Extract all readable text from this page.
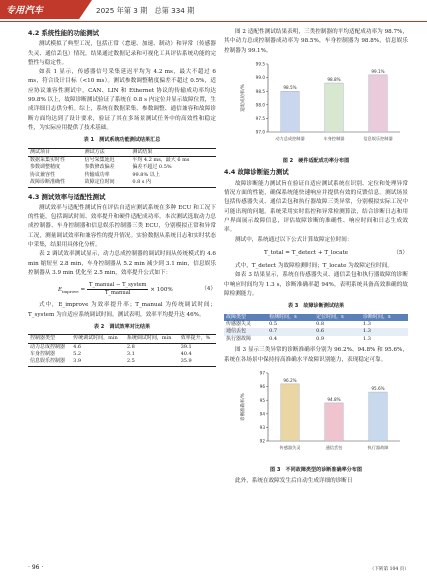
专用汽车	2025 年第 3 期　总第 334 期
4.2 系统性能的功能测试

测试模拟了典型工况，包括正常（怠速、加速、制动）和异常（传感器失灵、通信丢包）情况，结果通过数据记录和可视化工具评估系统功能的完整性与稳定性。

如表 1 显示，传感器信号采集延迟平均为 4.2 ms，最大不超过 6 ms，符合设计目标（<10 ms）。测试参数调整精度偏差不超过 0.5%，适应协议兼容性测试中，CAN、LIN 和 Ethernet 协议的传输成功率均达 99.8% 以上，故障诊断测试验证了系统在 0.8 s 内定位并显示故障位置，生成详细日志供分析。综上，系统在数据采集、参数调整、通信兼容和故障诊断方面均达到了设计要求，验证了其在多场景测试任务中的高效性和稳定性，为实际应用提供了技术基础。

表 1　测试系统功能测试结果汇总
测试项目	测试方法	测试结果
数据采集实时性	信号采集延迟	平均 4.2 ms，最大 6 ms
参数调整精度	参数修改偏差	偏差不超过 0.5%
协议兼容性	传输成功率	99.8% 以上
故障诊断准确性	故障定位时间	0.8 s 内
4.3 测试效率与适配性测试

测试效率与适配性测试旨在评估自适应测试系统在多种 ECU 和工况下的性能，包括调试时间、效率提升和硬件适配成功率。本次测试选取动力总成控制器、车身控制器和信息娱乐控制器三类 ECU，分别模拟正常和异常工况，测量调试效率和兼容性的提升情况。实验数据从系统日志和实时状态中采集，结果用具体化分析。

表 2 调试效率测试显示，动力总成控制器的调试时间从传统模式的 4.6 min 缩短至 2.8 min，车身控制器从 5.2 min 减少到 3.1 min，信息娱乐控制器从 3.9 min 优化至 2.5 min，效率提升公式如下：

$E_{improve} = \frac{\text{T\_manual − T\_system}}{\text{T\_manual}} \times 100\%$	（4）

式中，E_improve 为效率提升率；T_manual 为传统调试时间；T_system 为自适应系统调试时间。测试表明，效率平均提升达 46%。

表 2　调试效率对比结果
控制器类型	传统调试时间，min	系统调试时间，min	效率提升，%
动力总成控制器	4.6	2.8	39.1
车身控制器	5.2	3.1	40.4
信息娱乐控制器	3.9	2.5	35.9

图 2 适配性测试结果表明，三类控制器的平均适配成功率为 98.7%，其中动力总成控制器成功率为 98.5%，车身控制器为 98.8%，信息娱乐控制器为 99.1%。

97.0
97.5
98.0
98.5
99.0
99.5
适配成功率/%	98.5%
动力总成控制器
98.8%
车身控制器
99.1%
信息娱乐控制器
图 2　硬件适配成功率分布图
4.4 故障诊断能力测试

故障诊断能力测试旨在验证自适应测试系统在识别、定位和处理异常情况方面的性能，确保系统能快速响应并提供有效的反馈信息。测试场景包括传感器失灵、通信丢包和执行器故障三类异常，分别模拟实际工况中可能出现的问题。系统采用实时监控和异常检测算法，结合诊断日志和用户界面展示故障信息，评估故障诊断的准确性、响应时间和日志生成效率。

测试中，系统通过以下公式计算故障定位时间：

T_total = T_detect + T_locate	（5）

式中，T_detect 为故障检测时间；T_locate 为故障定位时间。

如表 3 结果显示，系统在传感器失灵、通信丢包和执行器故障的诊断中响应时间均为 1.3 s，诊断准确率超 94%，表明系统具备高效准确的故障检测能力。

表 3　故障诊断测试结果
故障类型	检测时间，s	定位时间，s	诊断时间，s
传感器失灵	0.5	0.8	1.3
通信丢包	0.7	0.6	1.3
执行器故障	0.4	0.9	1.3

图 3 显示三类异常的诊断准确率分别为 96.2%、94.8% 和 95.6%，系统在各场景中保持持高准确水平故障识别能力，表现稳定可靠。

92
93
94
95
96
97
诊断准确率/%
96.2%
传感器失灵
94.8%
通信丢包
95.6%
执行器故障
图 3　不同故障类型的诊断准确率分布图

此外，系统在故障发生后自动生成详细的诊断日

· 96 ·	（下转第 104 页）
